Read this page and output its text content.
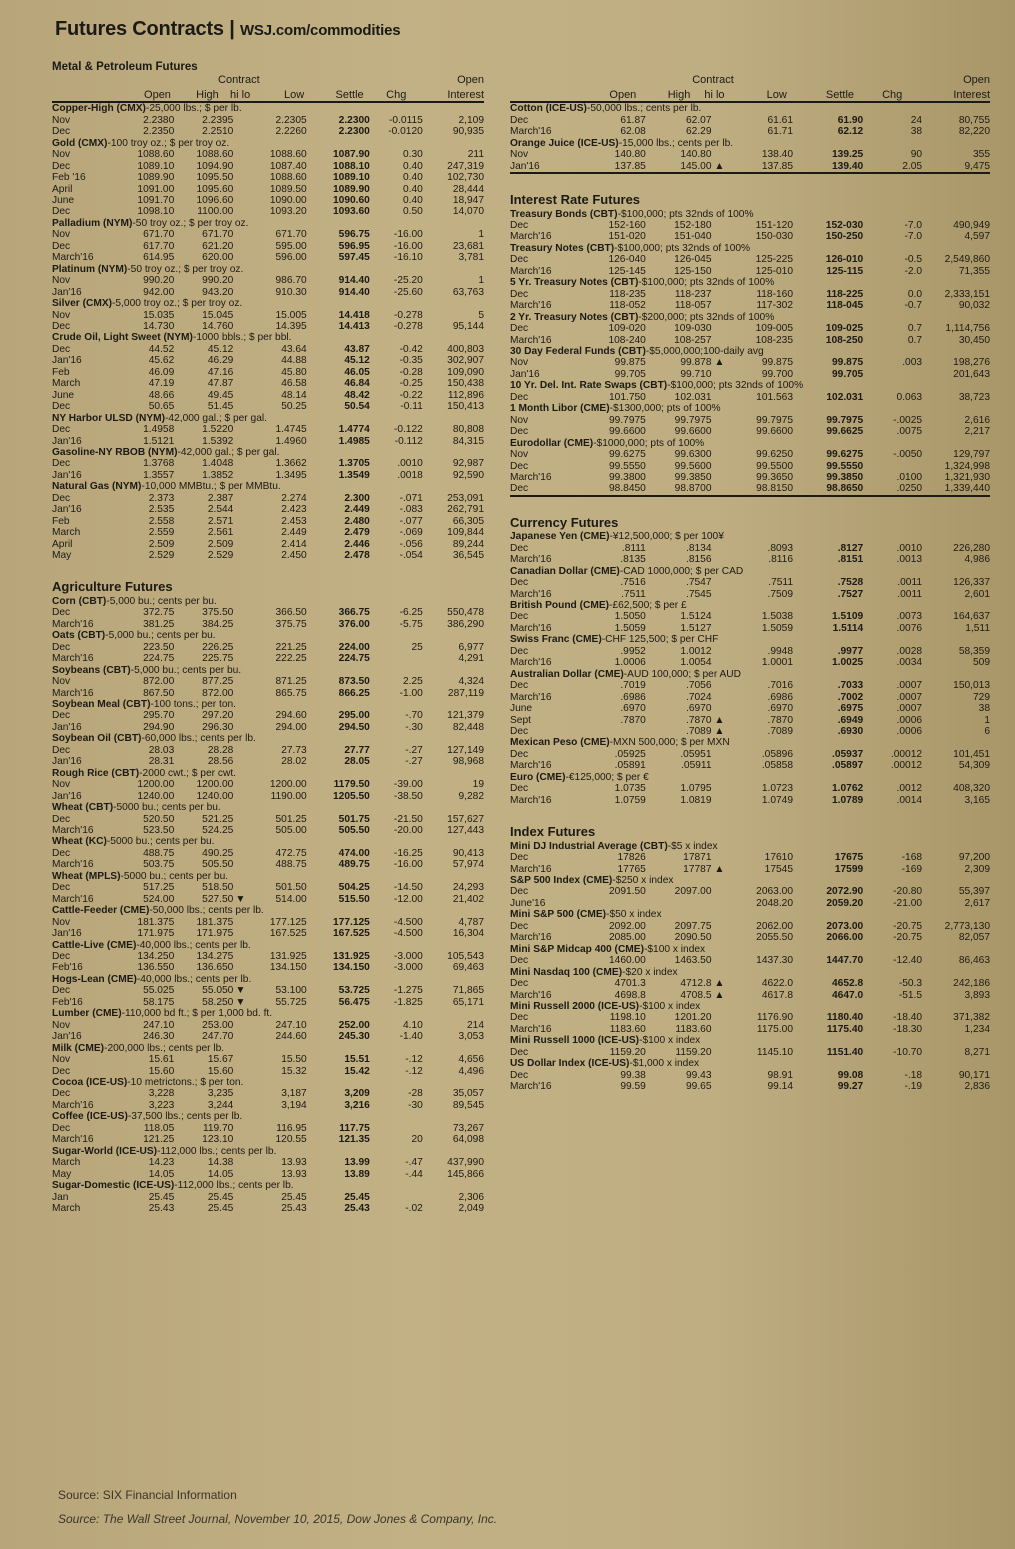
Futures Contracts | WSJ.com/commodities
Metal & Petroleum Futures
	Contract					Open	
	Open	High	hi lo	Low	Settle	Chg	Interest
Copper-High (CMX)-25,000 lbs.; $ per lb.
Nov	2.2380	2.2395		2.2305	2.2300	-0.0115	2,109
Dec	2.2350	2.2510		2.2260	2.2300	-0.0120	90,935
Gold (CMX)-100 troy oz.; $ per troy oz.
Nov	1088.60	1088.60		1088.60	1087.90	0.30	211
Dec	1089.10	1094.90		1087.40	1088.10	0.40	247,319
Feb '16	1089.90	1095.50		1088.60	1089.10	0.40	102,730
April	1091.00	1095.60		1089.50	1089.90	0.40	28,444
June	1091.70	1096.60		1090.00	1090.60	0.40	18,947
Dec	1098.10	1100.00		1093.20	1093.60	0.50	14,070
Palladium (NYM)-50 troy oz.; $ per troy oz.
Nov	671.70	671.70		671.70	596.75	-16.00	1
Dec	617.70	621.20		595.00	596.95	-16.00	23,681
March'16	614.95	620.00		596.00	597.45	-16.10	3,781
Platinum (NYM)-50 troy oz.; $ per troy oz.
Nov	990.20	990.20		986.70	914.40	-25.20	1
Jan'16	942.00	943.20		910.30	914.40	-25.60	63,763
Silver (CMX)-5,000 troy oz.; $ per troy oz.
Nov	15.035	15.045		15.005	14.418	-0.278	5
Dec	14.730	14.760		14.395	14.413	-0.278	95,144
Crude Oil, Light Sweet (NYM)-1000 bbls.; $ per bbl.
Dec	44.52	45.12		43.64	43.87	-0.42	400,803
Jan'16	45.62	46.29		44.88	45.12	-0.35	302,907
Feb	46.09	47.16		45.80	46.05	-0.28	109,090
March	47.19	47.87		46.58	46.84	-0.25	150,438
June	48.66	49.45		48.14	48.42	-0.22	112,896
Dec	50.65	51.45		50.25	50.54	-0.11	150,413
NY Harbor ULSD (NYM)-42,000 gal.; $ per gal.
Dec	1.4958	1.5220		1.4745	1.4774	-0.122	80,808
Jan'16	1.5121	1.5392		1.4960	1.4985	-0.112	84,315
Gasoline-NY RBOB (NYM)-42,000 gal.; $ per gal.
Dec	1.3768	1.4048		1.3662	1.3705	.0010	92,987
Jan'16	1.3557	1.3852		1.3495	1.3549	.0018	92,590
Natural Gas (NYM)-10,000 MMBtu.; $ per MMBtu.
Dec	2.373	2.387		2.274	2.300	-.071	253,091
Jan'16	2.535	2.544		2.423	2.449	-.083	262,791
Feb	2.558	2.571		2.453	2.480	-.077	66,305
March	2.559	2.561		2.449	2.479	-.069	109,844
April	2.509	2.509		2.414	2.446	-.056	89,244
May	2.529	2.529		2.450	2.478	-.054	36,545
Agriculture Futures
Corn (CBT)-5,000 bu.; cents per bu.
Dec	372.75	375.50		366.50	366.75	-6.25	550,478
March'16	381.25	384.25		375.75	376.00	-5.75	386,290
Oats (CBT)-5,000 bu.; cents per bu.
Dec	223.50	226.25		221.25	224.00	25	6,977
March'16	224.75	225.75		222.25	224.75		4,291
Soybeans (CBT)-5,000 bu.; cents per bu.
Nov	872.00	877.25		871.25	873.50	2.25	4,324
March'16	867.50	872.00		865.75	866.25	-1.00	287,119
Soybean Meal (CBT)-100 tons.; per ton.
Dec	295.70	297.20		294.60	295.00	-.70	121,379
Jan'16	294.90	296.30		294.00	294.50	-.30	82,448
Soybean Oil (CBT)-60,000 lbs.; cents per lb.
Dec	28.03	28.28		27.73	27.77	-.27	127,149
Jan'16	28.31	28.56		28.02	28.05	-.27	98,968
Rough Rice (CBT)-2000 cwt.; $ per cwt.
Nov	1200.00	1200.00		1200.00	1179.50	-39.00	19
Jan'16	1240.00	1240.00		1190.00	1205.50	-38.50	9,282
Wheat (CBT)-5000 bu.; cents per bu.
Dec	520.50	521.25		501.25	501.75	-21.50	157,627
March'16	523.50	524.25		505.00	505.50	-20.00	127,443
Wheat (KC)-5000 bu.; cents per bu.
Dec	488.75	490.25		472.75	474.00	-16.25	90,413
March'16	503.75	505.50		488.75	489.75	-16.00	57,974
Wheat (MPLS)-5000 bu.; cents per bu.
Dec	517.25	518.50		501.50	504.25	-14.50	24,293
March'16	524.00	527.50	▼	514.00	515.50	-12.00	21,402
Cattle-Feeder (CME)-50,000 lbs.; cents per lb.
Nov	181.375	181.375		177.125	177.125	-4.500	4,787
Jan'16	171.975	171.975		167.525	167.525	-4.500	16,304
Cattle-Live (CME)-40,000 lbs.; cents per lb.
Dec	134.250	134.275		131.925	131.925	-3.000	105,543
Feb'16	136.550	136.650		134.150	134.150	-3.000	69,463
Hogs-Lean (CME)-40,000 lbs.; cents per lb.
Dec	55.025	55.050	▼	53.100	53.725	-1.275	71,865
Feb'16	58.175	58.250	▼	55.725	56.475	-1.825	65,171
Lumber (CME)-110,000 bd ft.; $ per 1,000 bd. ft.
Nov	247.10	253.00		247.10	252.00	4.10	214
Jan'16	246.30	247.70		244.60	245.30	-1.40	3,053
Milk (CME)-200,000 lbs.; cents per lb.
Nov	15.61	15.67		15.50	15.51	-.12	4,656
Dec	15.60	15.60		15.32	15.42	-.12	4,496
Cocoa (ICE-US)-10 metrictons.; $ per ton.
Dec	3,228	3,235		3,187	3,209	-28	35,057
March'16	3,223	3,244		3,194	3,216	-30	89,545
Coffee (ICE-US)-37,500 lbs.; cents per lb.
Dec	118.05	119.70		116.95	117.75		73,267
March'16	121.25	123.10		120.55	121.35	20	64,098
Sugar-World (ICE-US)-112,000 lbs.; cents per lb.
March	14.23	14.38		13.93	13.99	-.47	437,990
May	14.05	14.05		13.93	13.89	-.44	145,866
Sugar-Domestic (ICE-US)-112,000 lbs.; cents per lb.
Jan	25.45	25.45		25.45	25.45		2,306
March	25.43	25.45		25.43	25.43	-.02	2,049

	Contract					Open	
	Open	High	hi lo	Low	Settle	Chg	Interest
Cotton (ICE-US)-50,000 lbs.; cents per lb.
Dec	61.87	62.07		61.61	61.90	24	80,755
March'16	62.08	62.29		61.71	62.12	38	82,220
Orange Juice (ICE-US)-15,000 lbs.; cents per lb.
Nov	140.80	140.80		138.40	139.25	90	355
Jan'16	137.85	145.00	▲	137.85	139.40	2.05	9,475
Interest Rate Futures
Treasury Bonds (CBT)-$100,000; pts 32nds of 100%
Dec	152-160	152-180		151-120	152-030	-7.0	490,949
March'16	151-020	151-040		150-030	150-250	-7.0	4,597
Treasury Notes (CBT)-$100,000; pts 32nds of 100%
Dec	126-040	126-045		125-225	126-010	-0.5	2,549,860
March'16	125-145	125-150		125-010	125-115	-2.0	71,355
5 Yr. Treasury Notes (CBT)-$100,000; pts 32nds of 100%
Dec	118-235	118-237		118-160	118-225	0.0	2,333,151
March'16	118-052	118-057		117-302	118-045	-0.7	90,032
2 Yr. Treasury Notes (CBT)-$200,000; pts 32nds of 100%
Dec	109-020	109-030		109-005	109-025	0.7	1,114,756
March'16	108-240	108-257		108-235	108-250	0.7	30,450
30 Day Federal Funds (CBT)-$5,000,000;100-daily avg
Nov	99.875	99.878	▲	99.875	99.875	.003	198,276
Jan'16	99.705	99.710		99.700	99.705		201,643
10 Yr. Del. Int. Rate Swaps (CBT)-$100,000; pts 32nds of 100%
Dec	101.750	102.031		101.563	102.031	0.063	38,723
1 Month Libor (CME)-$1300,000; pts of 100%
Nov	99.7975	99.7975		99.7975	99.7975	-.0025	2,616
Dec	99.6600	99.6600		99.6600	99.6625	.0075	2,217
Eurodollar (CME)-$1000,000; pts of 100%
Nov	99.6275	99.6300		99.6250	99.6275	-.0050	129,797
Dec	99.5550	99.5600		99.5500	99.5550		1,324,998
March'16	99.3800	99.3850		99.3650	99.3850	.0100	1,321,930
Dec	98.8450	98.8700		98.8150	98.8650	.0250	1,339,440
Currency Futures
Japanese Yen (CME)-¥12,500,000; $ per 100¥
Dec	.8111	.8134		.8093	.8127	.0010	226,280
March'16	.8135	.8156		.8116	.8151	.0013	4,986
Canadian Dollar (CME)-CAD 1000,000; $ per CAD
Dec	.7516	.7547		.7511	.7528	.0011	126,337
March'16	.7511	.7545		.7509	.7527	.0011	2,601
British Pound (CME)-£62,500; $ per £
Dec	1.5050	1.5124		1.5038	1.5109	.0073	164,637
March'16	1.5059	1.5127		1.5059	1.5114	.0076	1,511
Swiss Franc (CME)-CHF 125,500; $ per CHF
Dec	.9952	1.0012		.9948	.9977	.0028	58,359
March'16	1.0006	1.0054		1.0001	1.0025	.0034	509
Australian Dollar (CME)-AUD 100,000; $ per AUD
Dec	.7019	.7056		.7016	.7033	.0007	150,013
March'16	.6986	.7024		.6986	.7002	.0007	729
June	.6970	.6970		.6970	.6975	.0007	38
Sept	.7870	.7870	▲	.7870	.6949	.0006	1
Dec		.7089	▲	.7089	.6930	.0006	6
Mexican Peso (CME)-MXN 500,000; $ per MXN
Dec	.05925	.05951		.05896	.05937	.00012	101,451
March'16	.05891	.05911		.05858	.05897	.00012	54,309
Euro (CME)-€125,000; $ per €
Dec	1.0735	1.0795		1.0723	1.0762	.0012	408,320
March'16	1.0759	1.0819		1.0749	1.0789	.0014	3,165
Index Futures
Mini DJ Industrial Average (CBT)-$5 x index
Dec	17826	17871		17610	17675	-168	97,200
March'16	17765	17787	▲	17545	17599	-169	2,309
S&P 500 Index (CME)-$250 x index
Dec	2091.50	2097.00		2063.00	2072.90	-20.80	55,397
June'16				2048.20	2059.20	-21.00	2,617
Mini S&P 500 (CME)-$50 x index
Dec	2092.00	2097.75		2062.00	2073.00	-20.75	2,773,130
March'16	2085.00	2090.50		2055.50	2066.00	-20.75	82,057
Mini S&P Midcap 400 (CME)-$100 x index
Dec	1460.00	1463.50		1437.30	1447.70	-12.40	86,463
Mini Nasdaq 100 (CME)-$20 x index
Dec	4701.3	4712.8	▲	4622.0	4652.8	-50.3	242,186
March'16	4698.8	4708.5	▲	4617.8	4647.0	-51.5	3,893
Mini Russell 2000 (ICE-US)-$100 x index
Dec	1198.10	1201.20		1176.90	1180.40	-18.40	371,382
March'16	1183.60	1183.60		1175.00	1175.40	-18.30	1,234
Mini Russell 1000 (ICE-US)-$100 x index
Dec	1159.20	1159.20		1145.10	1151.40	-10.70	8,271
US Dollar Index (ICE-US)-$1,000 x index
Dec	99.38	99.43		98.91	99.08	-.18	90,171
March'16	99.59	99.65		99.14	99.27	-.19	2,836
Source: SIX Financial Information
Source: The Wall Street Journal, November 10, 2015, Dow Jones & Company, Inc.
